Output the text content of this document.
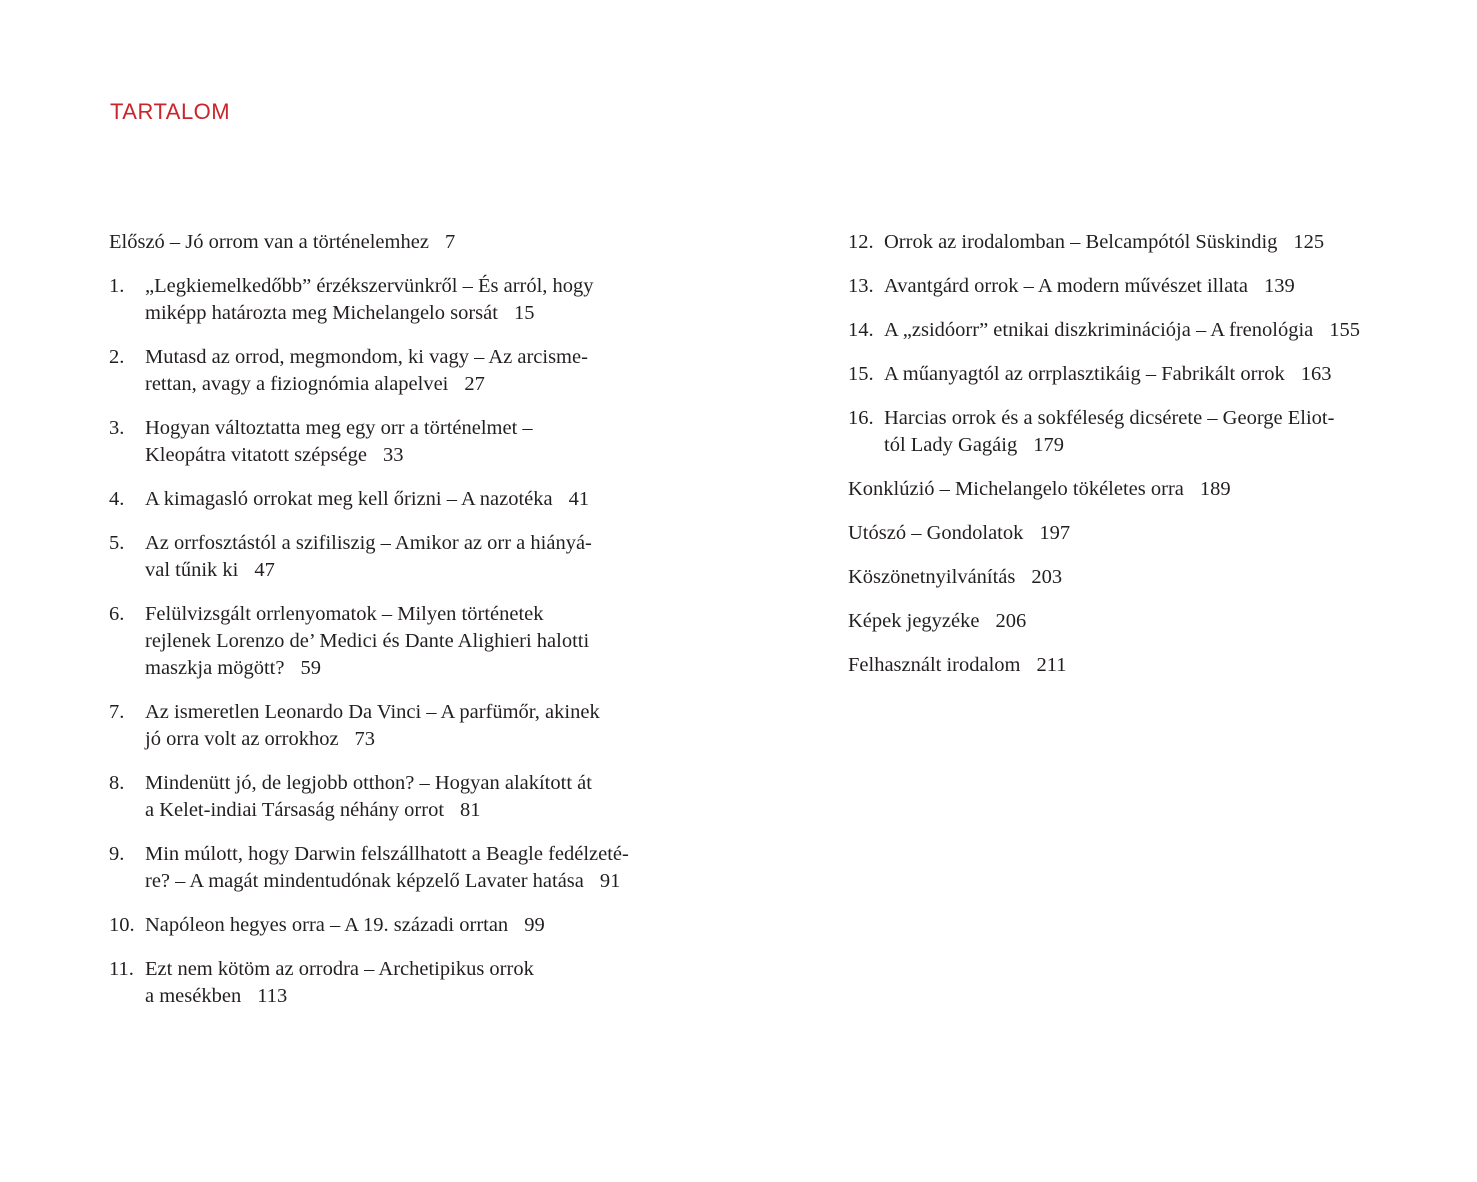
TARTALOM
Előszó – Jó orrom van a történelemhez 7
1.	„Legkiemelkedőbb” érzékszervünkről – És arról, hogy
miképp határozta meg Michelangelo sorsát 15
2.	Mutasd az orrod, megmondom, ki vagy – Az arcisme-
rettan, avagy a fiziognómia alapelvei 27
3.	Hogyan változtatta meg egy orr a történelmet –
Kleopátra vitatott szépsége 33
4.	A kimagasló orrokat meg kell őrizni – A nazotéka 41
5.	Az orrfosztástól a szifiliszig – Amikor az orr a hiányá-
val tűnik ki 47
6.	Felülvizsgált orrlenyomatok – Milyen történetek
rejlenek Lorenzo de’ Medici és Dante Alighieri halotti
maszkja mögött? 59
7.	Az ismeretlen Leonardo Da Vinci – A parfümőr, akinek
jó orra volt az orrokhoz 73
8.	Mindenütt jó, de legjobb otthon? – Hogyan alakított át
a Kelet-indiai Társaság néhány orrot 81
9.	Min múlott, hogy Darwin felszállhatott a Beagle fedélzeté-
re? – A magát mindentudónak képzelő Lavater hatása 91
10. Napóleon hegyes orra – A 19. századi orrtan 99
11. Ezt nem kötöm az orrodra – Archetipikus orrok
a mesékben 113
12. Orrok az irodalomban – Belcampótól Süskindig 125
13. Avantgárd orrok – A modern művészet illata 139
14. A „zsidóorr” etnikai diszkriminációja – A frenológia 155
15. A műanyagtól az orrplasztikáig – Fabrikált orrok 163
16. Harcias orrok és a sokféleség dicsérete – George Eliot-
tól Lady Gagáig 179
Konklúzió – Michelangelo tökéletes orra 189
Utószó – Gondolatok 197
Köszönetnyilvánítás 203
Képek jegyzéke 206
Felhasznált irodalom 211
